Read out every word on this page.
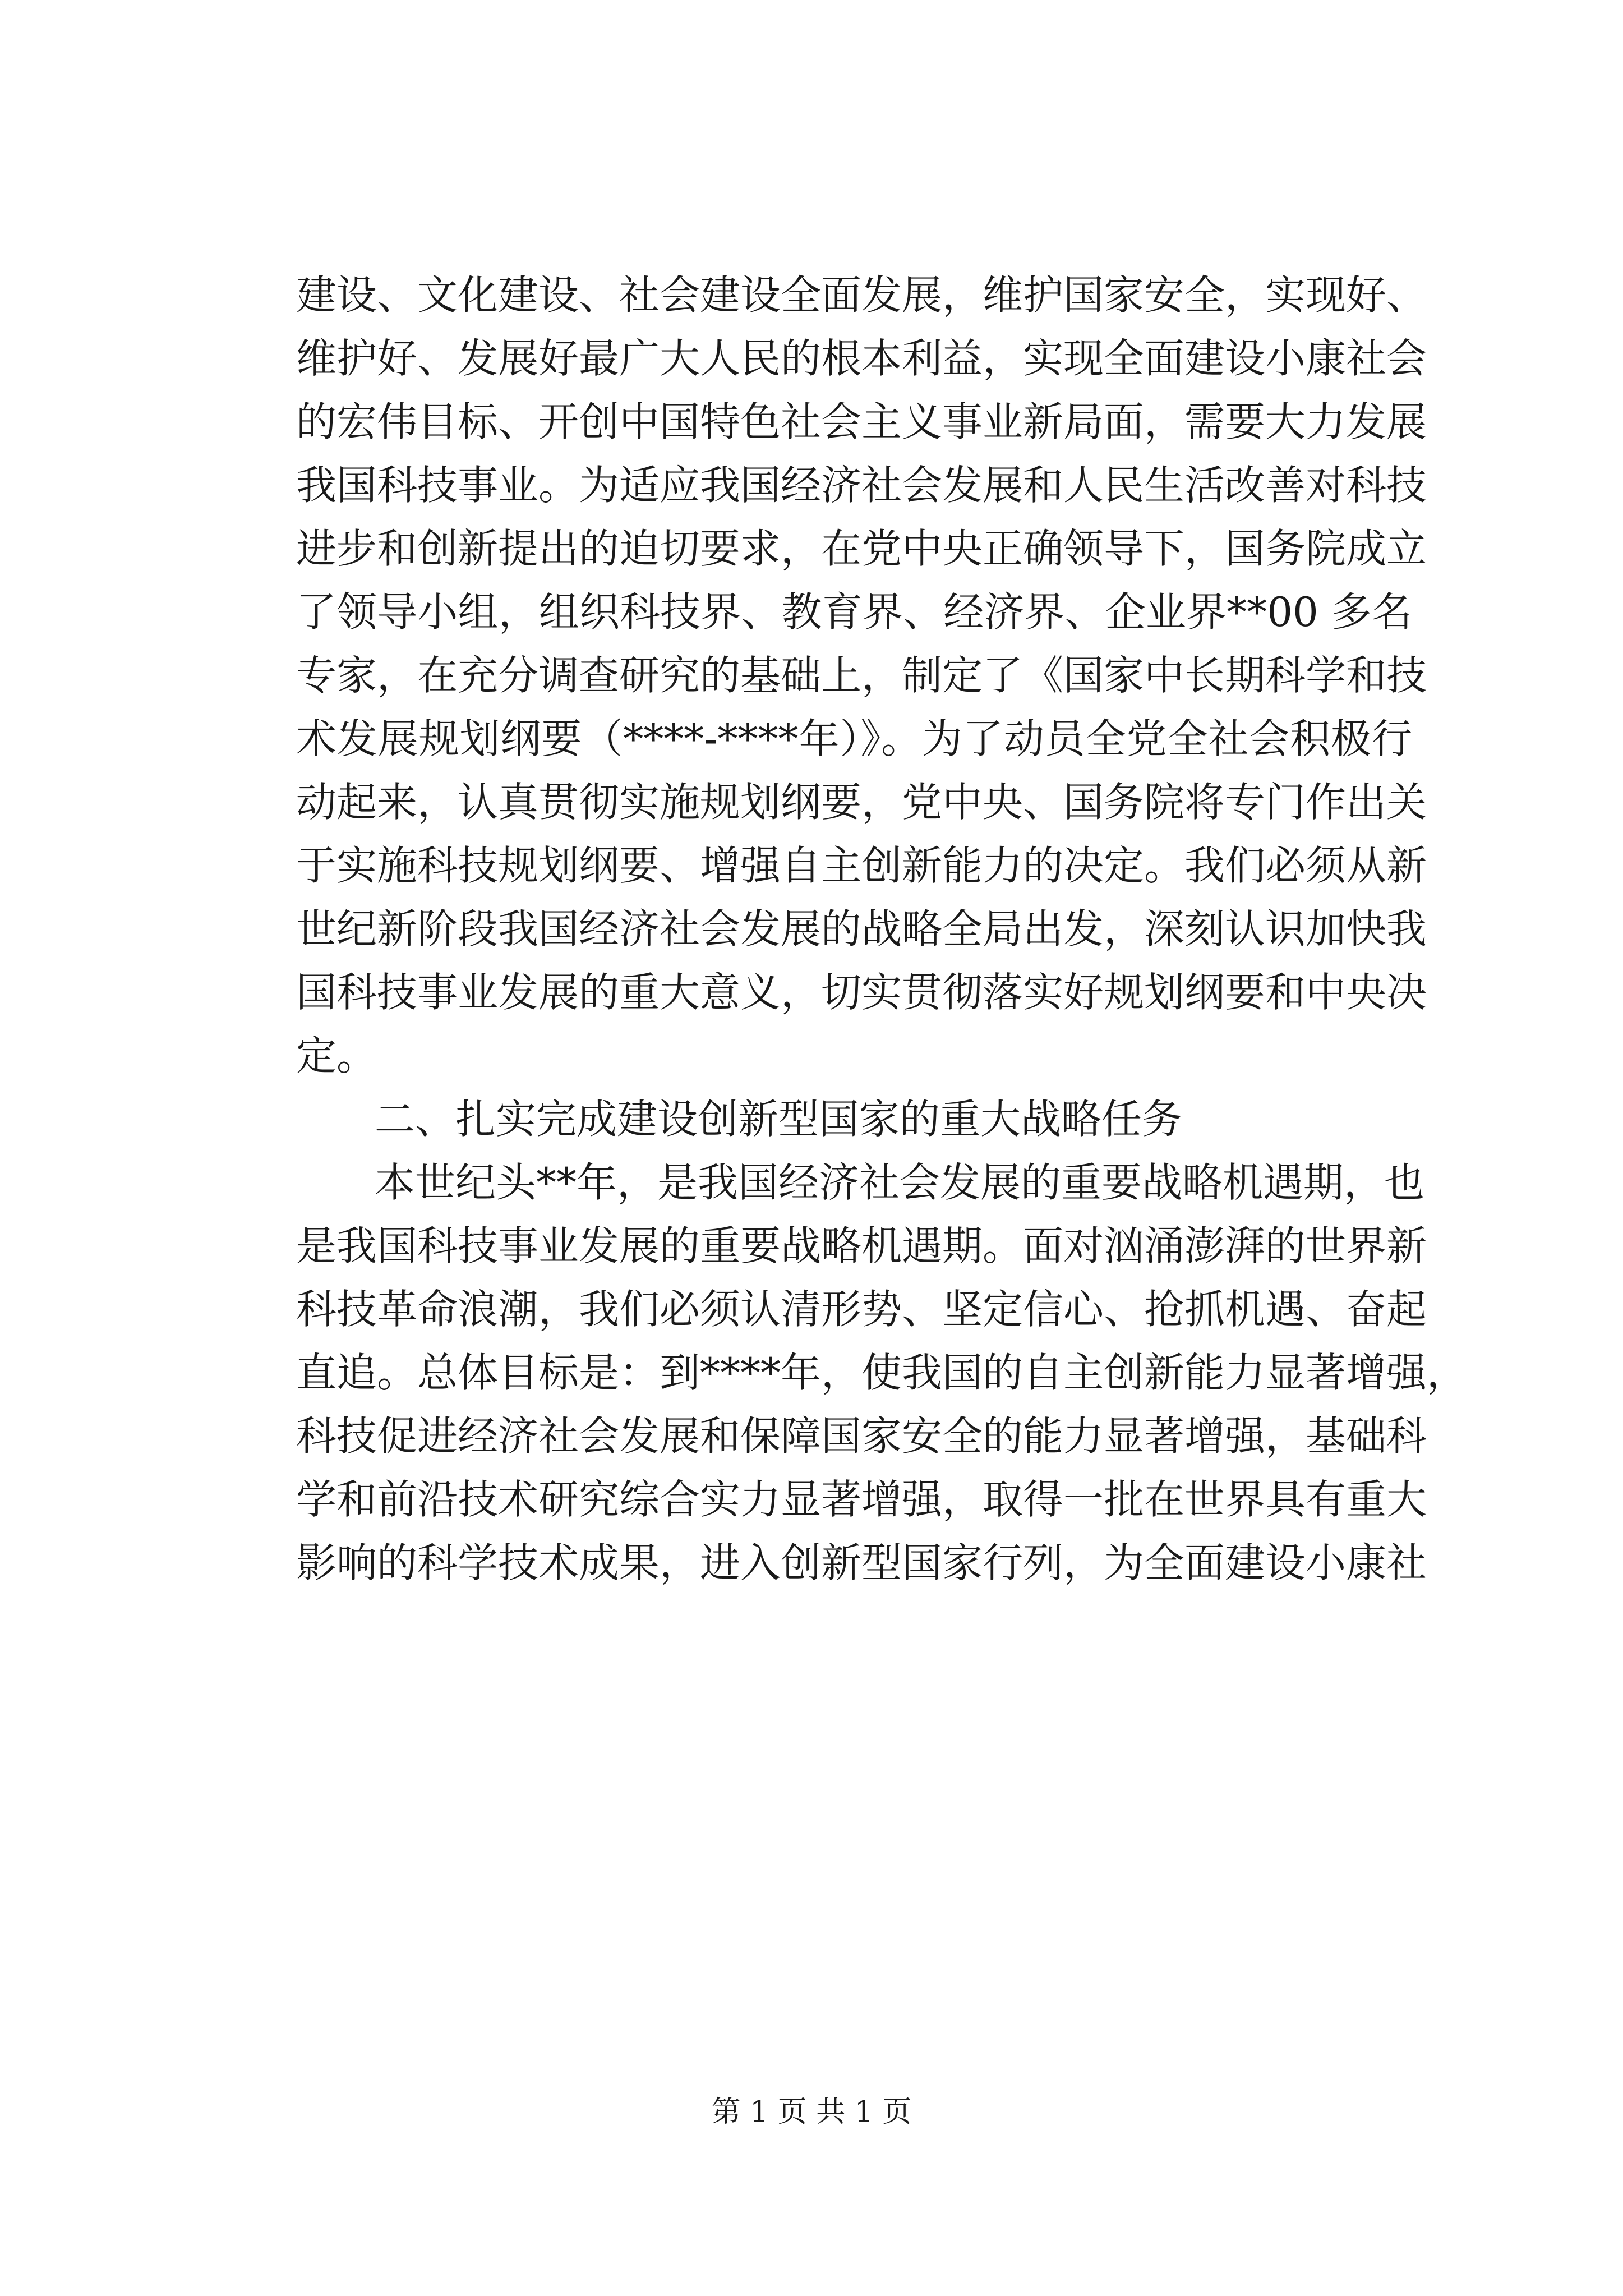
建设、文化建设、社会建设全面发展，维护国家安全，实现好、
维护好、发展好最广大人民的根本利益，实现全面建设小康社会
的宏伟目标、开创中国特色社会主义事业新局面，需要大力发展
我国科技事业。为适应我国经济社会发展和人民生活改善对科技
进步和创新提出的迫切要求，在党中央正确领导下，国务院成立
了领导小组，组织科技界、教育界、经济界、企业界**00 多名
专家，在充分调查研究的基础上，制定了《国家中长期科学和技
术发展规划纲要（****-****年）》。为了动员全党全社会积极行
动起来，认真贯彻实施规划纲要，党中央、国务院将专门作出关
于实施科技规划纲要、增强自主创新能力的决定。我们必须从新
世纪新阶段我国经济社会发展的战略全局出发，深刻认识加快我
国科技事业发展的重大意义，切实贯彻落实好规划纲要和中央决
定。
二、扎实完成建设创新型国家的重大战略任务
本世纪头**年，是我国经济社会发展的重要战略机遇期，也
是我国科技事业发展的重要战略机遇期。面对汹涌澎湃的世界新
科技革命浪潮，我们必须认清形势、坚定信心、抢抓机遇、奋起
直追。总体目标是：到****年，使我国的自主创新能力显著增强，
科技促进经济社会发展和保障国家安全的能力显著增强，基础科
学和前沿技术研究综合实力显著增强，取得一批在世界具有重大
影响的科学技术成果，进入创新型国家行列，为全面建设小康社
第 1 页 共 1 页
